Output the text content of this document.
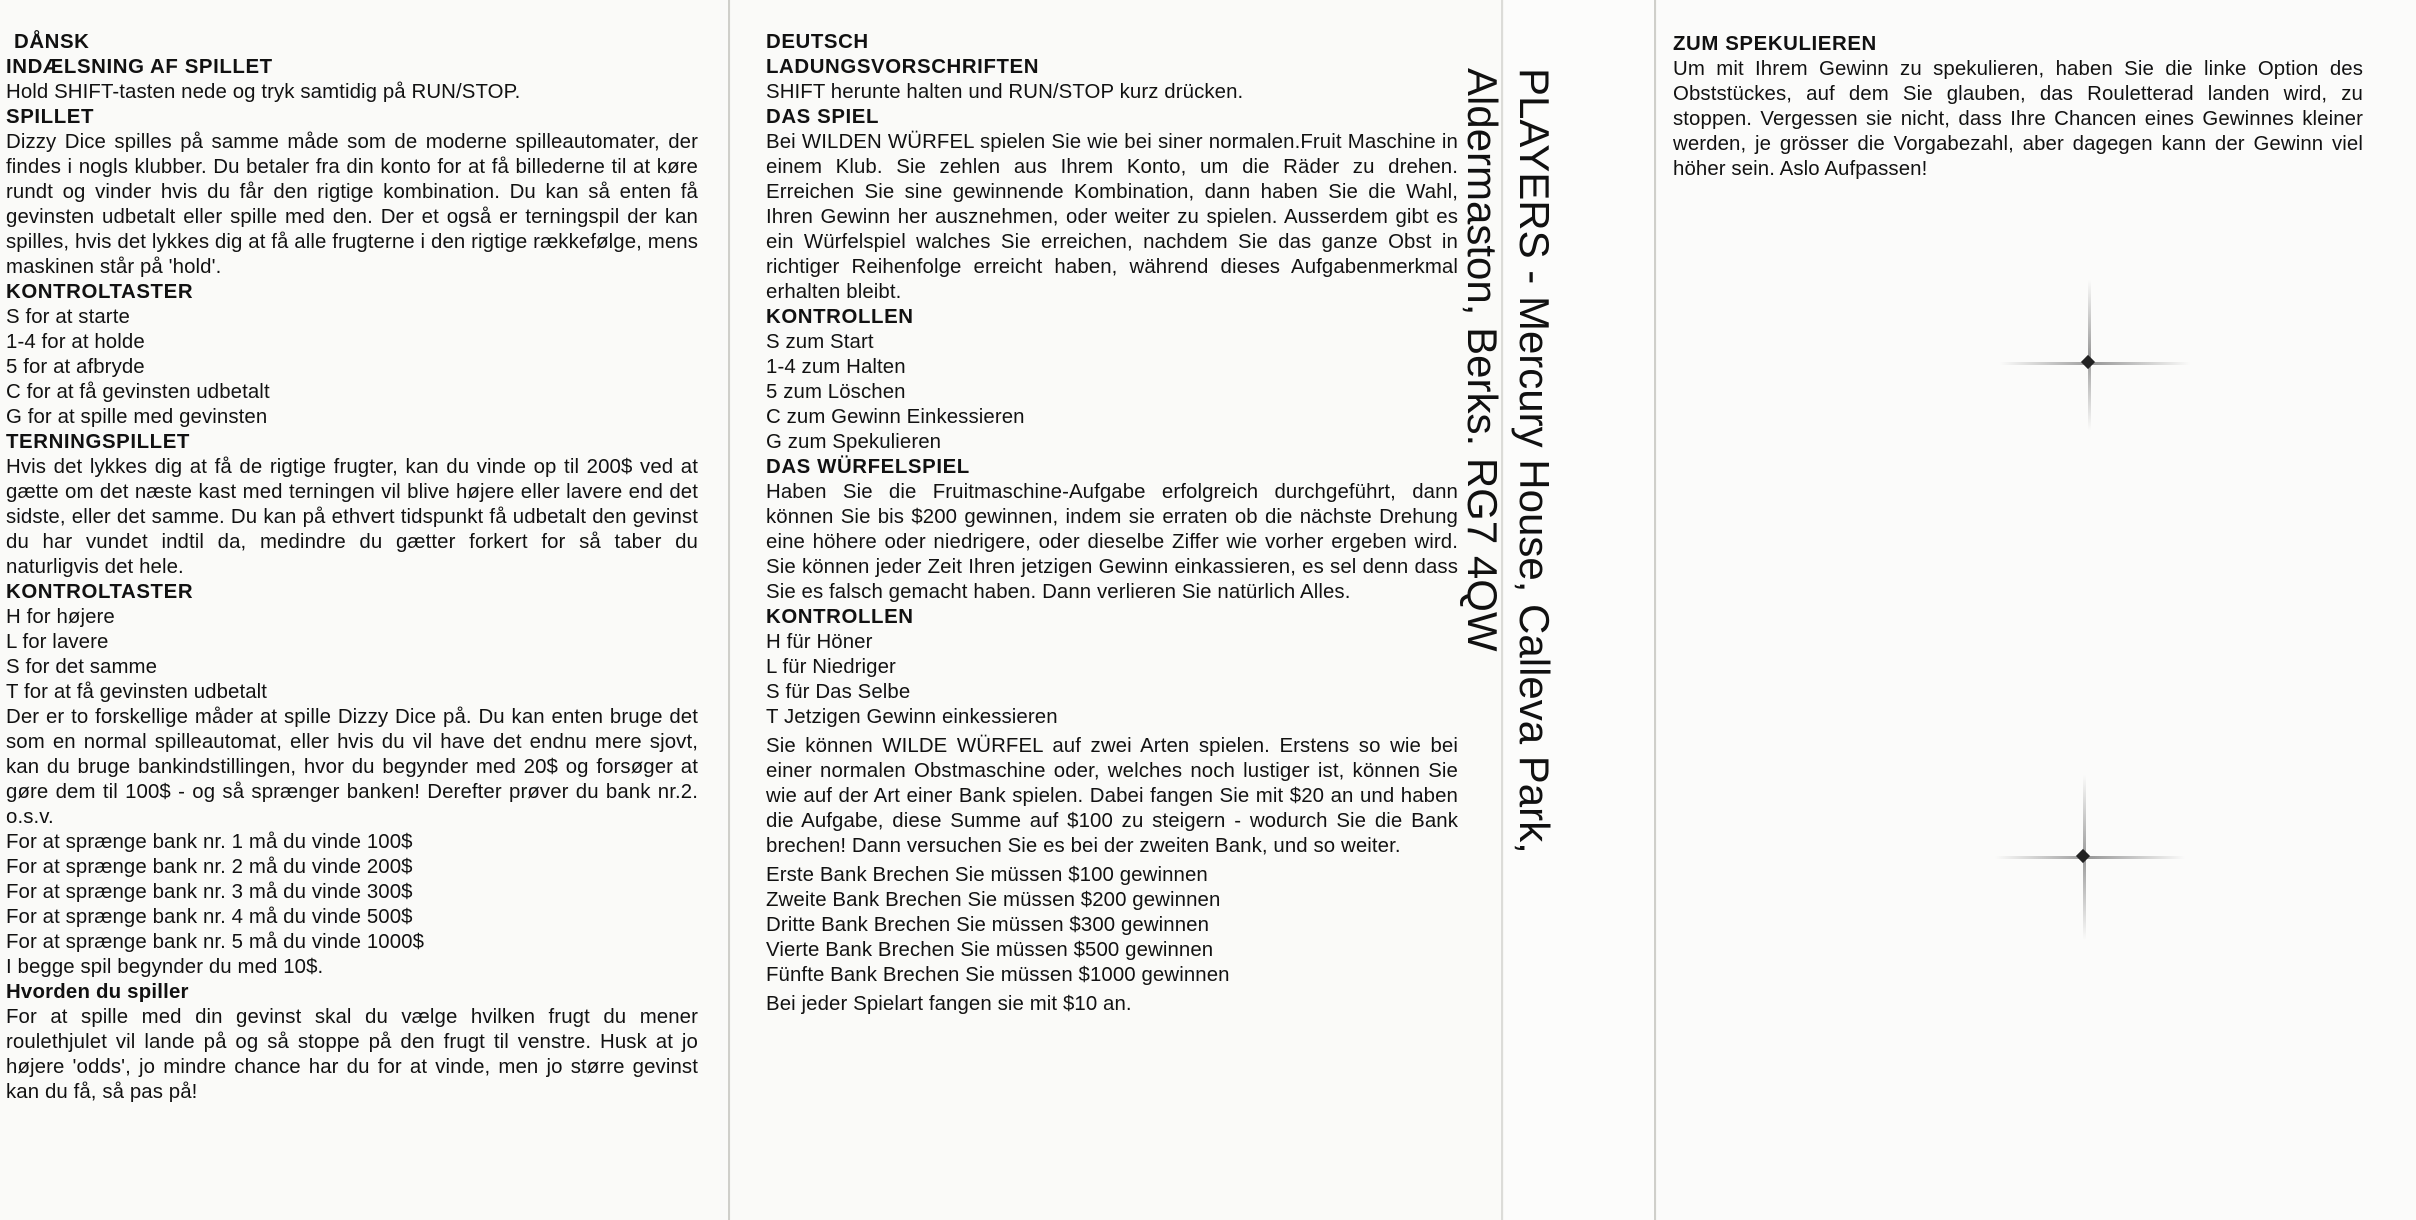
DÅNSK
INDÆLSNING AF SPILLET
Hold SHIFT-tasten nede og tryk samtidig på RUN/STOP.
SPILLET
Dizzy Dice spilles på samme måde som de moderne spilleautomater, der findes i nogls klubber. Du betaler fra din konto for at få billederne til at køre rundt og vinder hvis du får den rigtige kombination. Du kan så enten få gevinsten udbetalt eller spille med den. Der et også er terningspil der kan spilles, hvis det lykkes dig at få alle frugterne i den rigtige rækkefølge, mens maskinen står på 'hold'.
KONTROLTASTER
S for at starte
1-4 for at holde
5 for at afbryde
C for at få gevinsten udbetalt
G for at spille med gevinsten
TERNINGSPILLET
Hvis det lykkes dig at få de rigtige frugter, kan du vinde op til 200$ ved at gætte om det næste kast med terningen vil blive højere eller lavere end det sidste, eller det samme. Du kan på ethvert tidspunkt få udbetalt den gevinst du har vundet indtil da, medindre du gætter forkert for så taber du naturligvis det hele.
KONTROLTASTER
H for højere
L for lavere
S for det samme
T for at få gevinsten udbetalt
Der er to forskellige måder at spille Dizzy Dice på. Du kan enten bruge det som en normal spilleautomat, eller hvis du vil have det endnu mere sjovt, kan du bruge bankindstillingen, hvor du begynder med 20$ og forsøger at gøre dem til 100$ - og så sprænger banken! Derefter prøver du bank nr.2. o.s.v.
For at sprænge bank nr. 1 må du vinde 100$
For at sprænge bank nr. 2 må du vinde 200$
For at sprænge bank nr. 3 må du vinde 300$
For at sprænge bank nr. 4 må du vinde 500$
For at sprænge bank nr. 5 må du vinde 1000$
I begge spil begynder du med 10$.
Hvorden du spiller
For at spille med din gevinst skal du vælge hvilken frugt du mener roulethjulet vil lande på og så stoppe på den frugt til venstre. Husk at jo højere 'odds', jo mindre chance har du for at vinde, men jo større gevinst kan du få, så pas på!
DEUTSCH
LADUNGSVORSCHRIFTEN
SHIFT herunte halten und RUN/STOP kurz drücken.
DAS SPIEL
Bei WILDEN WÜRFEL spielen Sie wie bei siner normalen.Fruit Maschine in einem Klub. Sie zehlen aus Ihrem Konto, um die Räder zu drehen. Erreichen Sie sine gewinnende Kombination, dann haben Sie die Wahl, Ihren Gewinn her ausznehmen, oder weiter zu spielen. Ausserdem gibt es ein Würfelspiel walches Sie erreichen, nachdem Sie das ganze Obst in richtiger Reihenfolge erreicht haben, während dieses Aufgabenmerkmal erhalten bleibt.
KONTROLLEN
S zum Start
1-4 zum Halten
5 zum Löschen
C zum Gewinn Einkessieren
G zum Spekulieren
DAS WÜRFELSPIEL
Haben Sie die Fruitmaschine-Aufgabe erfolgreich durchgeführt, dann können Sie bis $200 gewinnen, indem sie erraten ob die nächste Drehung eine höhere oder niedrigere, oder dieselbe Ziffer wie vorher ergeben wird. Sie können jeder Zeit Ihren jetzigen Gewinn einkassieren, es sel denn dass Sie es falsch gemacht haben. Dann verlieren Sie natürlich Alles.
KONTROLLEN
H für Höner
L für Niedriger
S für Das Selbe
T Jetzigen Gewinn einkessieren
Sie können WILDE WÜRFEL auf zwei Arten spielen. Erstens so wie bei einer normalen Obstmaschine oder, welches noch lustiger ist, können Sie wie auf der Art einer Bank spielen. Dabei fangen Sie mit $20 an und haben die Aufgabe, diese Summe auf $100 zu steigern - wodurch Sie die Bank brechen! Dann versuchen Sie es bei der zweiten Bank, und so weiter.
Erste Bank Brechen Sie müssen $100 gewinnen
Zweite Bank Brechen Sie müssen $200 gewinnen
Dritte Bank Brechen Sie müssen $300 gewinnen
Vierte Bank Brechen Sie müssen $500 gewinnen
Fünfte Bank Brechen Sie müssen $1000 gewinnen
Bei jeder Spielart fangen sie mit $10 an.
PLAYERS - Mercury House, Calleva Park,
Aldermaston, Berks. RG7 4QW
ZUM SPEKULIEREN
Um mit Ihrem Gewinn zu spekulieren, haben Sie die linke Option des Obststückes, auf dem Sie glauben, das Rouletterad landen wird, zu stoppen. Vergessen sie nicht, dass Ihre Chancen eines Gewinnes kleiner werden, je grösser die Vorgabezahl, aber dagegen kann der Gewinn viel höher sein. Aslo Aufpassen!
